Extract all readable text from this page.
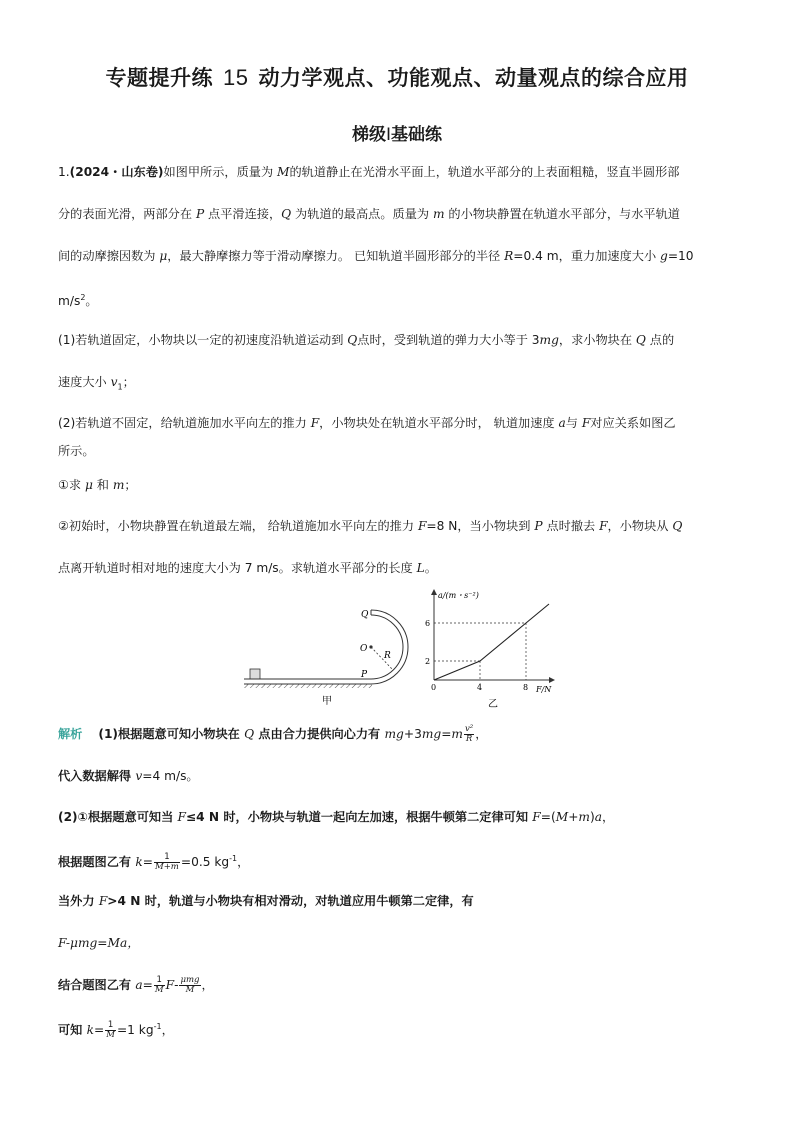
专题提升练 15 动力学观点、功能观点、动量观点的综合应用
梯级Ⅰ基础练
1.(2024・山东卷)如图甲所示，质量为 M的轨道静止在光滑水平面上，轨道水平部分的上表面粗糙，竖直半圆形部
分的表面光滑，两部分在 P 点平滑连接，Q 为轨道的最高点。质量为 m 的小物块静置在轨道水平部分，与水平轨道
间的动摩擦因数为 μ，最大静摩擦力等于滑动摩擦力。 已知轨道半圆形部分的半径 R=0.4 m，重力加速度大小 g=10
$m/s^2$。
(1)若轨道固定，小物块以一定的初速度沿轨道运动到 Q点时，受到轨道的弹力大小等于 3mg，求小物块在 Q 点的
速度大小 $v_1$；
(2)若轨道不固定，给轨道施加水平向左的推力 F，小物块处在轨道水平部分时， 轨道加速度 a与 F对应关系如图乙
所示。
①求 μ 和 m；
②初始时，小物块静置在轨道最左端， 给轨道施加水平向左的推力 F=8 N，当小物块到 P 点时撤去 F，小物块从 Q
点离开轨道时相对地的速度大小为 7 m/s。求轨道水平部分的长度 L。
Q
O
R
P
甲
a/(m・s⁻²)
F/N
0	4	8
2
6
乙
解析 (1)根据题意可知小物块在 Q 点由合力提供向心力有 $mg+3mg=m \frac{\text{v²}}{R}$ ，
代入数据解得 v=4 m/s。
(2)①根据题意可知当 F≤4 N 时，小物块与轨道一起向左加速，根据牛顿第二定律可知 F=(M+m)a，
根据题图乙有 $k= \frac{1}{M+m} =0.5$ $kg^{-1}$，
当外力 F>4 N 时，轨道与小物块有相对滑动，对轨道应用牛顿第二定律，有
F-μmg=Ma，
结合题图乙有 $a= \frac{1}{M} F- \frac{\text{μmg}}{M}$ ，
可知 $k= \frac{1}{M} =1$ $kg^{-1}$，
